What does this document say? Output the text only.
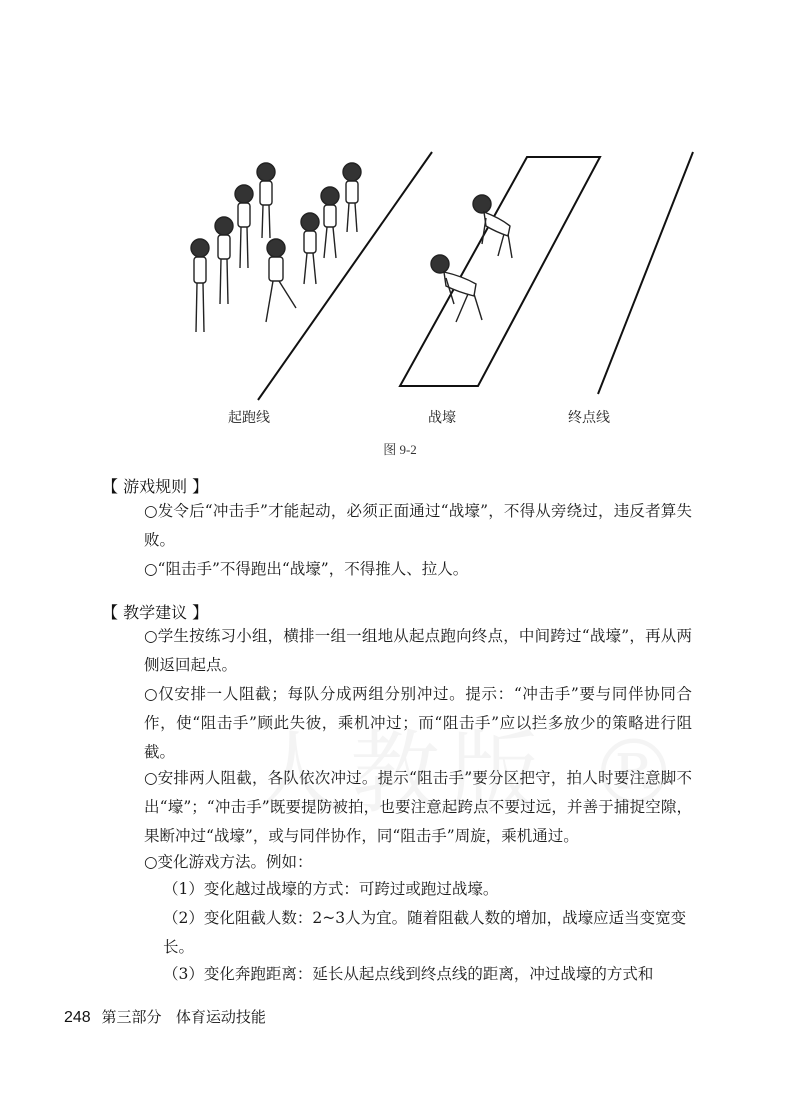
起跑线	战壕	终点线
图 9-2
【 游戏规则 】
○发令后“冲击手”才能起动，必须正面通过“战壕”，不得从旁绕过，违反者算失败。
○“阻击手”不得跑出“战壕”，不得推人、拉人。
【 教学建议 】
○学生按练习小组，横排一组一组地从起点跑向终点，中间跨过“战壕”，再从两侧返回起点。
○仅安排一人阻截；每队分成两组分别冲过。提示：“冲击手”要与同伴协同合作，使“阻击手”顾此失彼，乘机冲过；而“阻击手”应以拦多放少的策略进行阻截。
○安排两人阻截，各队依次冲过。提示“阻击手”要分区把守，拍人时要注意脚不出“壕”；“冲击手”既要提防被拍，也要注意起跨点不要过远，并善于捕捉空隙，果断冲过“战壕”，或与同伴协作，同“阻击手”周旋，乘机通过。
○变化游戏方法。例如：
（1）变化越过战壕的方式：可跨过或跑过战壕。
（2）变化阻截人数：2~3人为宜。随着阻截人数的增加，战壕应适当变宽变长。
（3）变化奔跑距离：延长从起点线到终点线的距离，冲过战壕的方式和
248 第三部分 体育运动技能
